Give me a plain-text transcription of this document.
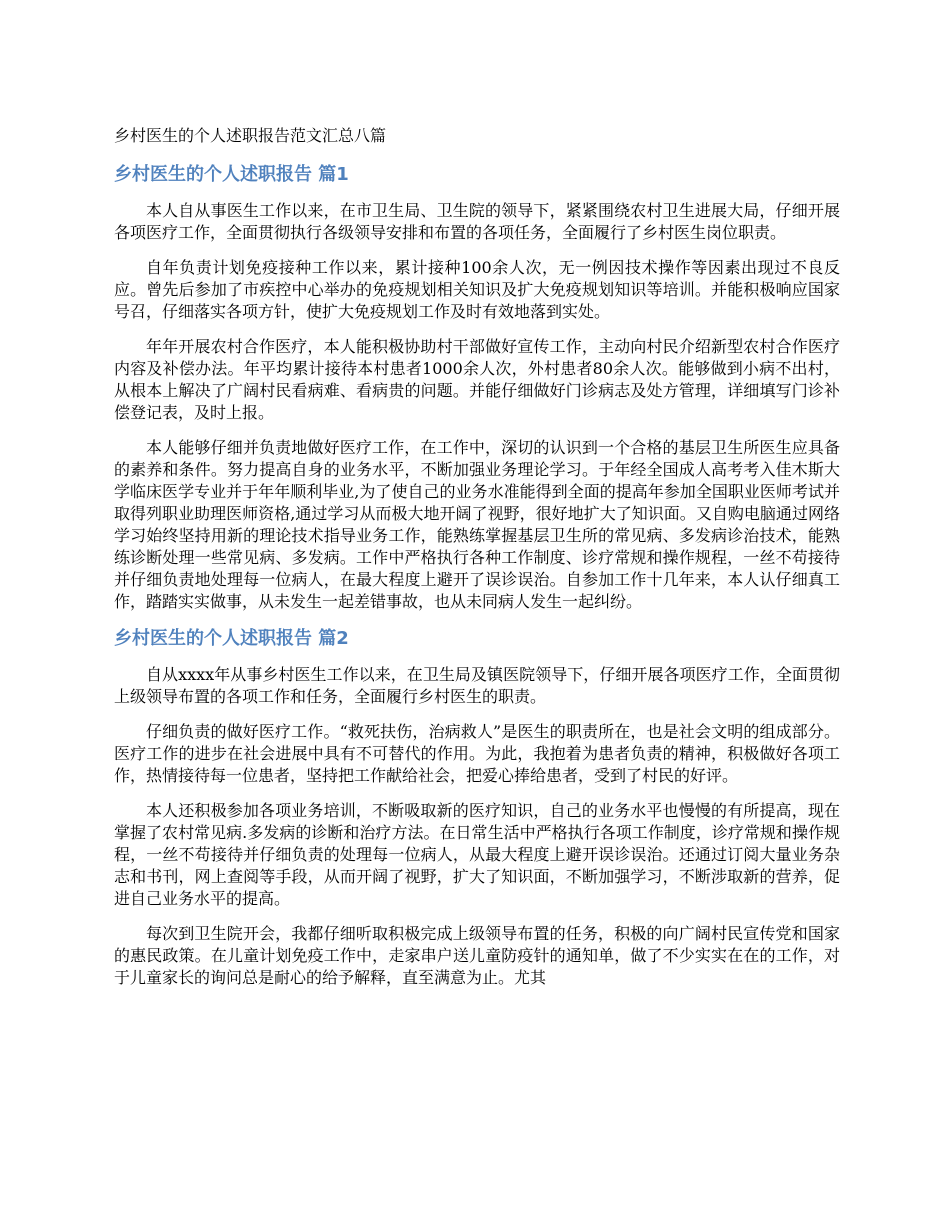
乡村医生的个人述职报告范文汇总八篇
乡村医生的个人述职报告 篇1

本人自从事医生工作以来，在市卫生局、卫生院的领导下，紧紧围绕农村卫生进展大局，仔细开展各项医疗工作，全面贯彻执行各级领导安排和布置的各项任务，全面履行了乡村医生岗位职责。

自年负责计划免疫接种工作以来，累计接种100余人次，无一例因技术操作等因素出现过不良反应。曾先后参加了市疾控中心举办的免疫规划相关知识及扩大免疫规划知识等培训。并能积极响应国家号召，仔细落实各项方针，使扩大免疫规划工作及时有效地落到实处。

年年开展农村合作医疗，本人能积极协助村干部做好宣传工作，主动向村民介绍新型农村合作医疗内容及补偿办法。年平均累计接待本村患者1000余人次，外村患者80余人次。能够做到小病不出村，从根本上解决了广阔村民看病难、看病贵的问题。并能仔细做好门诊病志及处方管理，详细填写门诊补偿登记表，及时上报。

本人能够仔细并负责地做好医疗工作，在工作中，深切的认识到一个合格的基层卫生所医生应具备的素养和条件。努力提高自身的业务水平，不断加强业务理论学习。于年经全国成人高考考入佳木斯大学临床医学专业并于年年顺利毕业,为了使自己的业务水准能得到全面的提高年参加全国职业医师考试并取得列职业助理医师资格,通过学习从而极大地开阔了视野，很好地扩大了知识面。又自购电脑通过网络学习始终坚持用新的理论技术指导业务工作，能熟练掌握基层卫生所的常见病、多发病诊治技术，能熟练诊断处理一些常见病、多发病。工作中严格执行各种工作制度、诊疗常规和操作规程，一丝不苟接待并仔细负责地处理每一位病人，在最大程度上避开了误诊误治。自参加工作十几年来，本人认仔细真工作，踏踏实实做事，从未发生一起差错事故，也从未同病人发生一起纠纷。

乡村医生的个人述职报告 篇2

自从xxxx年从事乡村医生工作以来，在卫生局及镇医院领导下，仔细开展各项医疗工作，全面贯彻上级领导布置的各项工作和任务，全面履行乡村医生的职责。

仔细负责的做好医疗工作。“救死扶伤，治病救人”是医生的职责所在，也是社会文明的组成部分。医疗工作的进步在社会进展中具有不可替代的作用。为此，我抱着为患者负责的精神，积极做好各项工作，热情接待每一位患者，坚持把工作献给社会，把爱心捧给患者，受到了村民的好评。

本人还积极参加各项业务培训，不断吸取新的医疗知识，自己的业务水平也慢慢的有所提高，现在掌握了农村常见病.多发病的诊断和治疗方法。在日常生活中严格执行各项工作制度，诊疗常规和操作规程，一丝不苟接待并仔细负责的处理每一位病人，从最大程度上避开误诊误治。还通过订阅大量业务杂志和书刊，网上查阅等手段，从而开阔了视野，扩大了知识面，不断加强学习，不断涉取新的营养，促进自己业务水平的提高。

每次到卫生院开会，我都仔细听取积极完成上级领导布置的任务，积极的向广阔村民宣传党和国家的惠民政策。在儿童计划免疫工作中，走家串户送儿童防疫针的通知单，做了不少实实在在的工作，对于儿童家长的询问总是耐心的给予解释，直至满意为止。尤其
